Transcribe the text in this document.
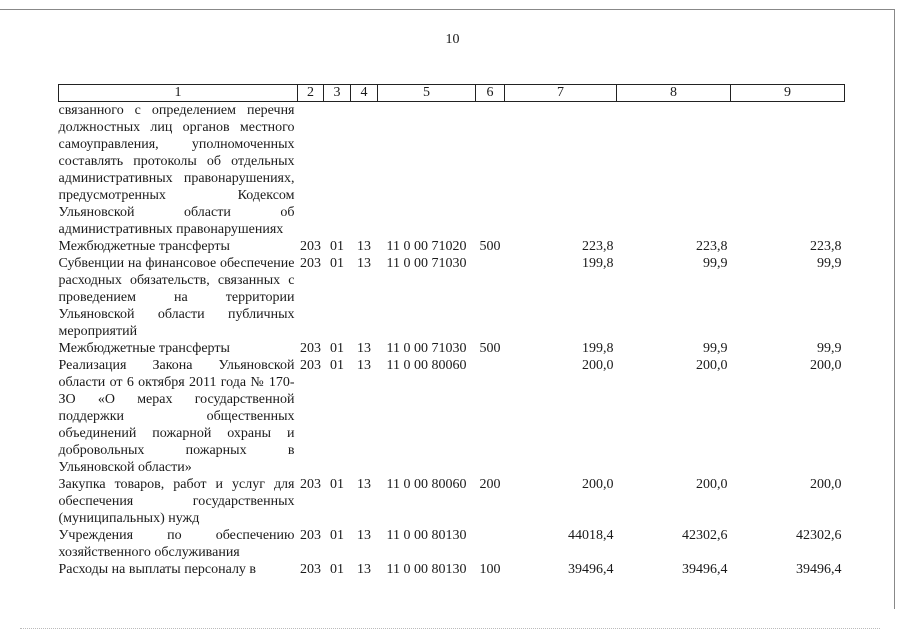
10
1	2	3	4	5	6	7	8	9
связанного с определением перечня должностных лиц органов местного самоуправления, уполномоченных составлять протоколы об отдельных административных правонарушениях, предусмотренных Кодексом Ульяновской области об административных правонарушениях								
Межбюджетные трансферты	203	01	13	11 0 00 71020	500	223,8	223,8	223,8
Субвенции на финансовое обеспечение расходных обязательств, связанных с проведением на территории Ульяновской области публичных мероприятий	203	01	13	11 0 00 71030		199,8	99,9	99,9
Межбюджетные трансферты	203	01	13	11 0 00 71030	500	199,8	99,9	99,9
Реализация Закона Ульяновской области от 6 октября 2011 года № 170-ЗО «О мерах государственной поддержки общественных объединений пожарной охраны и добровольных пожарных в Ульяновской области»	203	01	13	11 0 00 80060		200,0	200,0	200,0
Закупка товаров, работ и услуг для обеспечения государственных (муниципальных) нужд	203	01	13	11 0 00 80060	200	200,0	200,0	200,0
Учреждения по обеспечению хозяйственного обслуживания	203	01	13	11 0 00 80130		44018,4	42302,6	42302,6
Расходы на выплаты персоналу в	203	01	13	11 0 00 80130	100	39496,4	39496,4	39496,4
